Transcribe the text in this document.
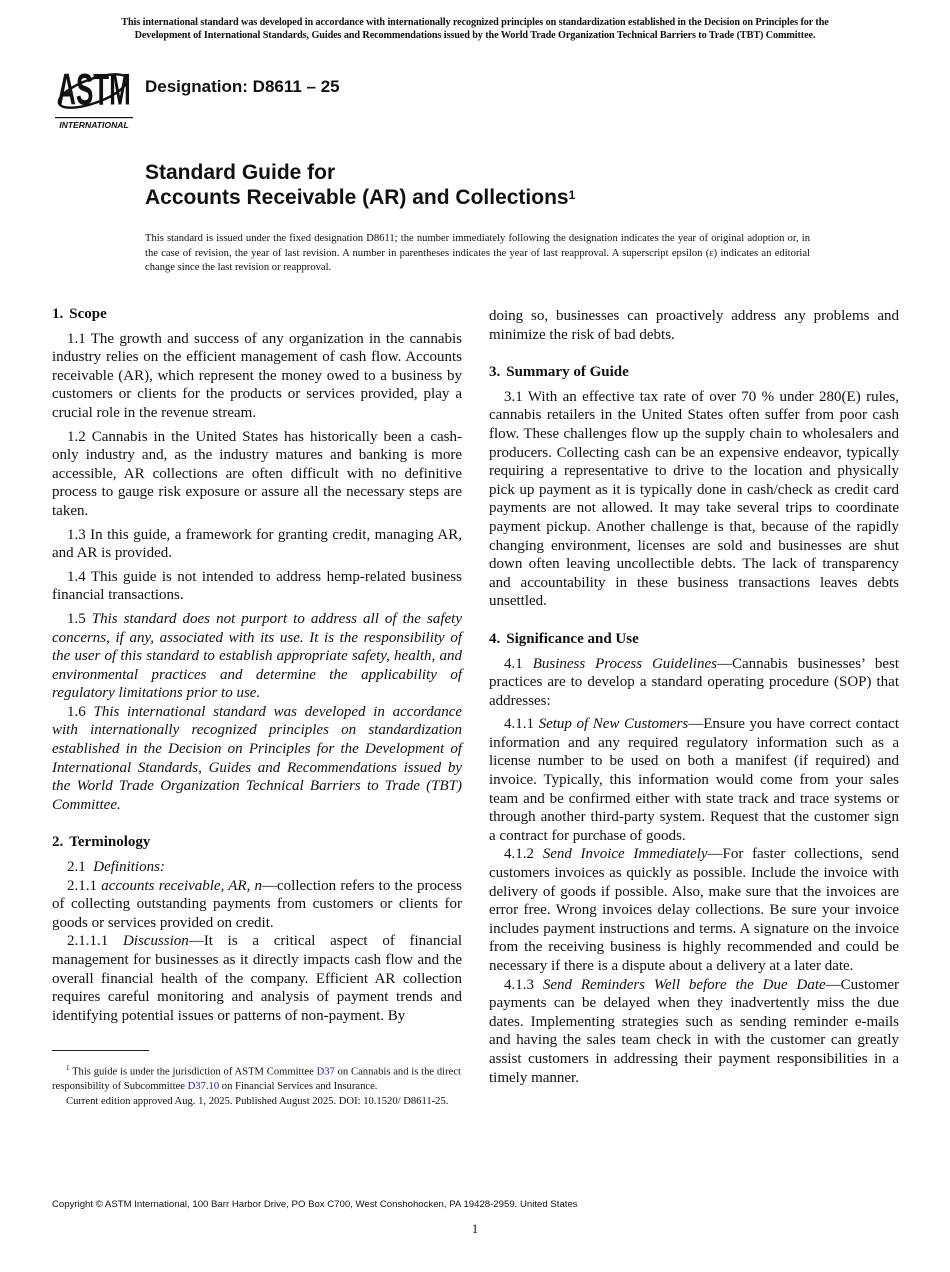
This international standard was developed in accordance with internationally recognized principles on standardization established in the Decision on Principles for the
Development of International Standards, Guides and Recommendations issued by the World Trade Organization Technical Barriers to Trade (TBT) Committee.
ASTM
INTERNATIONAL
Designation: D8611 – 25
Standard Guide for
Accounts Receivable (AR) and Collections$^1$
This standard is issued under the fixed designation D8611; the number immediately following the designation indicates the year of original adoption or, in the case of revision, the year of last revision. A number in parentheses indicates the year of last reapproval. A superscript epsilon (ε) indicates an editorial change since the last revision or reapproval.
1. Scope

1.1 The growth and success of any organization in the cannabis industry relies on the efficient management of cash flow. Accounts receivable (AR), which represent the money owed to a business by customers or clients for the products or services provided, play a crucial role in the revenue stream.

1.2 Cannabis in the United States has historically been a cash-only industry and, as the industry matures and banking is more accessible, AR collections are often difficult with no definitive process to gauge risk exposure or assure all the necessary steps are taken.

1.3 In this guide, a framework for granting credit, managing AR, and AR is provided.

1.4 This guide is not intended to address hemp-related business financial transactions.

1.5 This standard does not purport to address all of the safety concerns, if any, associated with its use. It is the responsibility of the user of this standard to establish appropriate safety, health, and environmental practices and determine the applicability of regulatory limitations prior to use.

1.6 This international standard was developed in accordance with internationally recognized principles on standardization established in the Decision on Principles for the Development of International Standards, Guides and Recommendations issued by the World Trade Organization Technical Barriers to Trade (TBT) Committee.

2. Terminology

2.1 Definitions:

2.1.1 accounts receivable, AR, n—collection refers to the process of collecting outstanding payments from customers or clients for goods or services provided on credit.

2.1.1.1 Discussion—It is a critical aspect of financial management for businesses as it directly impacts cash flow and the overall financial health of the company. Efficient AR collection requires careful monitoring and analysis of payment trends and identifying potential issues or patterns of non-payment. By

doing so, businesses can proactively address any problems and minimize the risk of bad debts.

3. Summary of Guide

3.1 With an effective tax rate of over 70 % under 280(E) rules, cannabis retailers in the United States often suffer from poor cash flow. These challenges flow up the supply chain to wholesalers and producers. Collecting cash can be an expensive endeavor, typically requiring a representative to drive to the location and physically pick up payment as it is typically done in cash/check as credit card payments are not allowed. It may take several trips to coordinate payment pickup. Another challenge is that, because of the rapidly changing environment, licenses are sold and businesses are shut down often leaving uncollectible debts. The lack of transparency and accountability in these business transactions leaves debts unsettled.

4. Significance and Use

4.1 Business Process Guidelines—Cannabis businesses’ best practices are to develop a standard operating procedure (SOP) that addresses:

4.1.1 Setup of New Customers—Ensure you have correct contact information and any required regulatory information such as a license number to be used on both a manifest (if required) and invoice. Typically, this information would come from your sales team and be confirmed either with state track and trace systems or through another third-party system. Request that the customer sign a contract for purchase of goods.

4.1.2 Send Invoice Immediately—For faster collections, send customers invoices as quickly as possible. Include the invoice with delivery of goods if possible. Also, make sure that the invoices are error free. Wrong invoices delay collections. Be sure your invoice includes payment instructions and terms. A signature on the invoice from the receiving business is highly recommended and could be necessary if there is a dispute about a delivery at a later date.

4.1.3 Send Reminders Well before the Due Date—Customer payments can be delayed when they inadvertently miss the due dates. Implementing strategies such as sending reminder e-mails and having the sales team check in with the customer can greatly assist customers in addressing their payment responsibilities in a timely manner.

$^1$ This guide is under the jurisdiction of ASTM Committee D37 on Cannabis and is the direct responsibility of Subcommittee D37.10 on Financial Services and Insurance.

Current edition approved Aug. 1, 2025. Published August 2025. DOI: 10.1520/ D8611-25.

Copyright © ASTM International, 100 Barr Harbor Drive, PO Box C700, West Conshohocken, PA 19428-2959. United States
1
